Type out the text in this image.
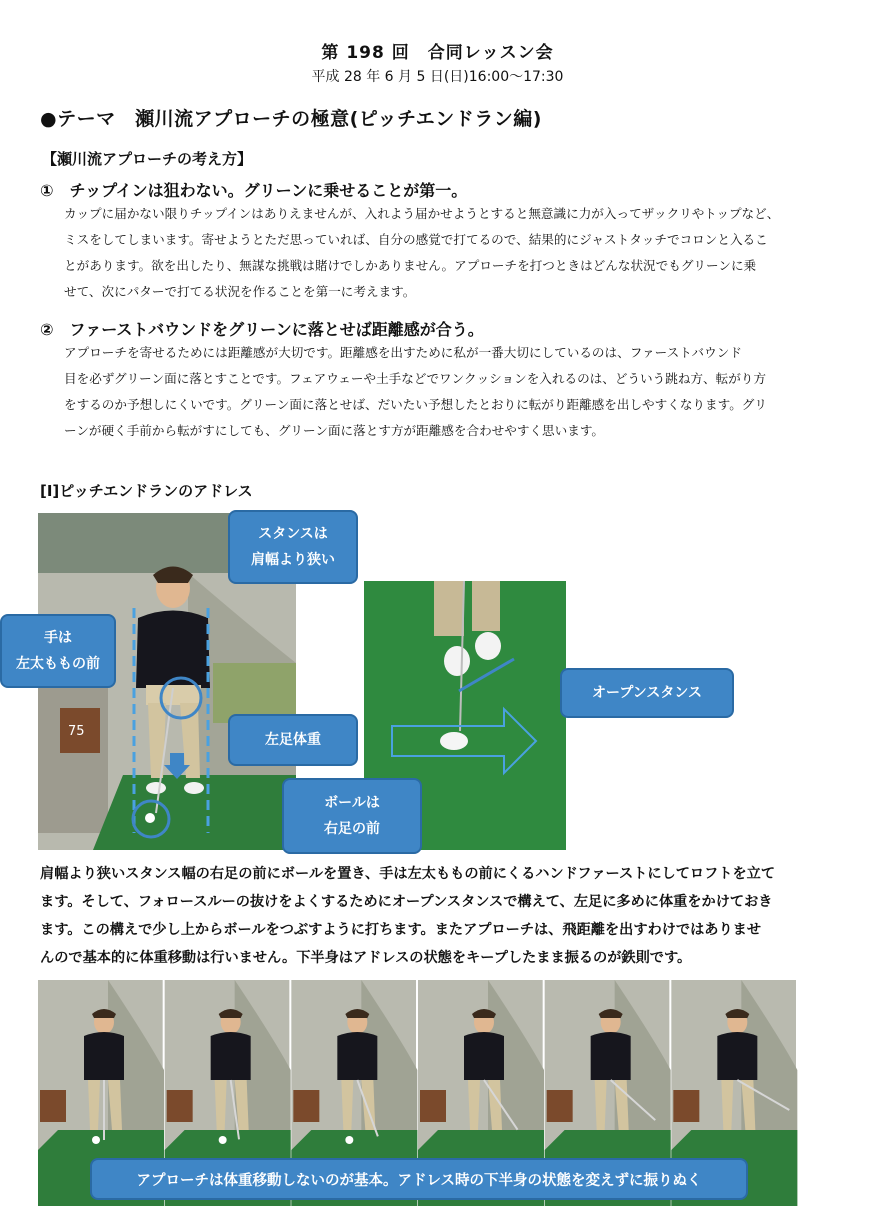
第 198 回　合同レッスン会
平成 28 年 6 月 5 日(日)16:00～17:30
●テーマ　瀬川流アプローチの極意(ピッチエンドラン編)
【瀬川流アプローチの考え方】
①　チップインは狙わない。グリーンに乗せることが第一。
カップに届かない限りチップインはありえませんが、入れよう届かせようとすると無意識に力が入ってザックリやトップなど、
ミスをしてしまいます。寄せようとただ思っていれば、自分の感覚で打てるので、結果的にジャストタッチでコロンと入るこ
とがあります。欲を出したり、無謀な挑戦は賭けでしかありません。アプローチを打つときはどんな状況でもグリーンに乗
せて、次にパターで打てる状況を作ることを第一に考えます。
②　ファーストバウンドをグリーンに落とせば距離感が合う。
アプローチを寄せるためには距離感が大切です。距離感を出すために私が一番大切にしているのは、ファーストバウンド
目を必ずグリーン面に落とすことです。フェアウェーや土手などでワンクッションを入れるのは、どういう跳ね方、転がり方
をするのか予想しにくいです。グリーン面に落とせば、だいたい予想したとおりに転がり距離感を出しやすくなります。グリ
ーンが硬く手前から転がすにしても、グリーン面に落とす方が距離感を合わせやすく思います。
[Ⅰ]ピッチエンドランのアドレス
75
スタンスは
肩幅より狭い
手は
左太ももの前
左足体重
ボールは
右足の前
オープンスタンス
肩幅より狭いスタンス幅の右足の前にボールを置き、手は左太ももの前にくるハンドファーストにしてロフトを立て
ます。そして、フォロースルーの抜けをよくするためにオープンスタンスで構えて、左足に多めに体重をかけておき
ます。この構えで少し上からボールをつぶすように打ちます。またアプローチは、飛距離を出すわけではありませ
んので基本的に体重移動は行いません。下半身はアドレスの状態をキープしたまま振るのが鉄則です。
アプローチは体重移動しないのが基本。アドレス時の下半身の状態を変えずに振りぬく
